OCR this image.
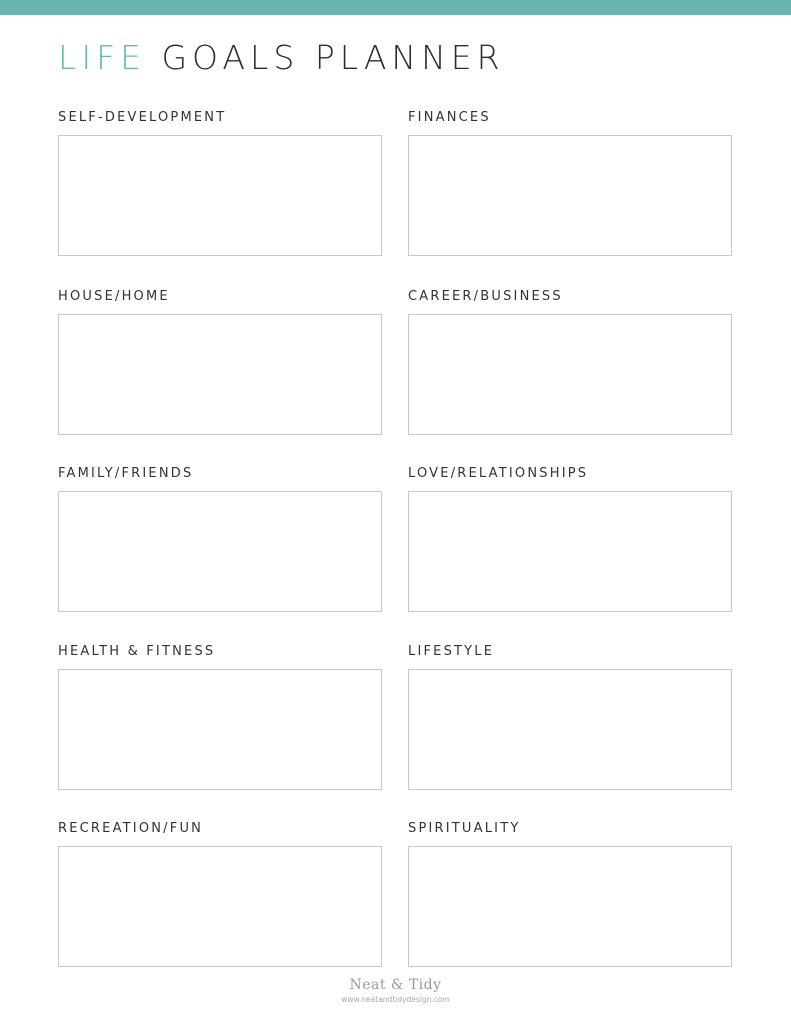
LIFE GOALS PLANNER
SELF-DEVELOPMENT	FINANCES
HOUSE/HOME	CAREER/BUSINESS
FAMILY/FRIENDS	LOVE/RELATIONSHIPS
HEALTH & FITNESS	LIFESTYLE
RECREATION/FUN	SPIRITUALITY
Neat & Tidy
www.neatandtidydesign.com
